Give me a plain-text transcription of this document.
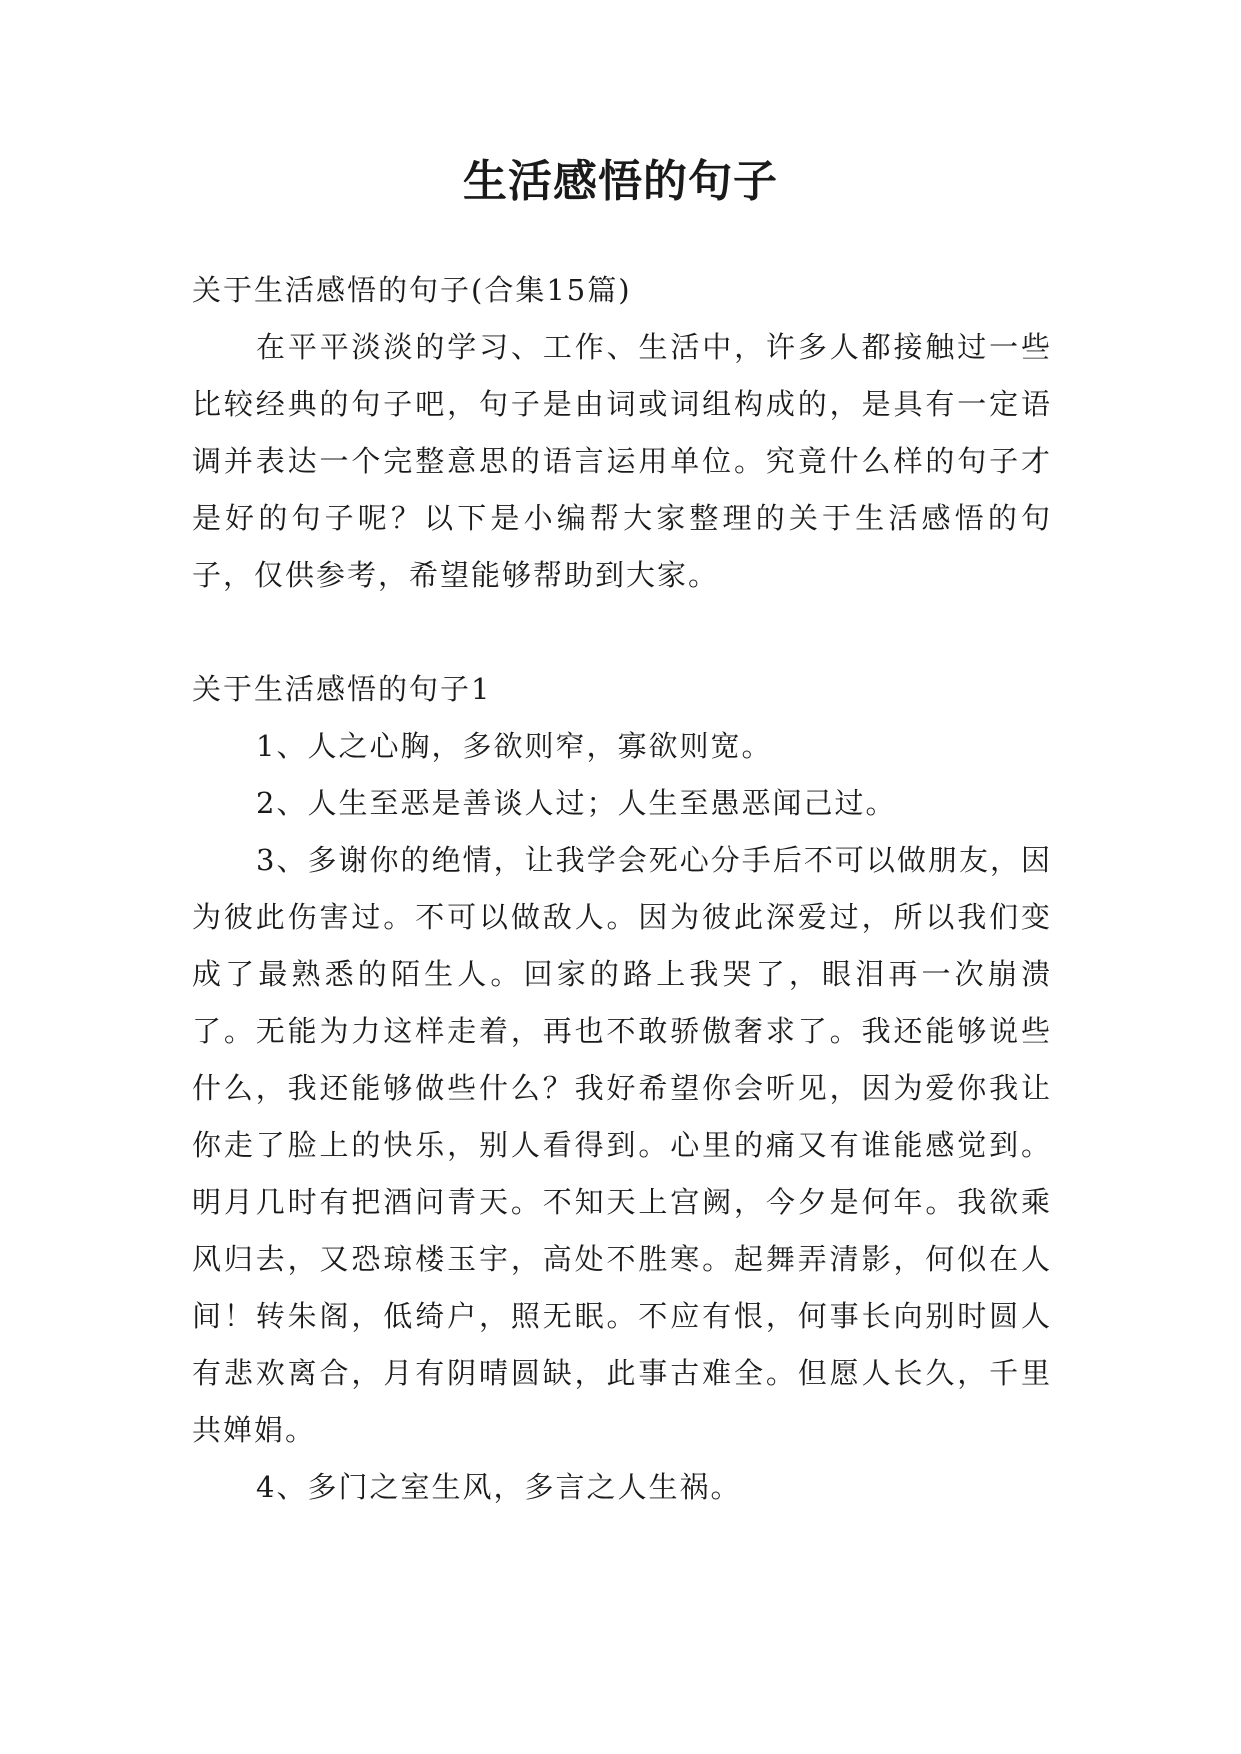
生活感悟的句子

关于生活感悟的句子(合集15篇)

在平平淡淡的学习、工作、生活中，许多人都接触过一些比较经典的句子吧，句子是由词或词组构成的，是具有一定语调并表达一个完整意思的语言运用单位。究竟什么样的句子才是好的句子呢？以下是小编帮大家整理的关于生活感悟的句子，仅供参考，希望能够帮助到大家。

关于生活感悟的句子1

1、人之心胸，多欲则窄，寡欲则宽。

2、人生至恶是善谈人过；人生至愚恶闻己过。

3、多谢你的绝情，让我学会死心分手后不可以做朋友，因为彼此伤害过。不可以做敌人。因为彼此深爱过，所以我们变成了最熟悉的陌生人。回家的路上我哭了，眼泪再一次崩溃了。无能为力这样走着，再也不敢骄傲奢求了。我还能够说些什么，我还能够做些什么？我好希望你会听见，因为爱你我让你走了脸上的快乐，别人看得到。心里的痛又有谁能感觉到。明月几时有把酒问青天。不知天上宫阙，今夕是何年。我欲乘风归去，又恐琼楼玉宇，高处不胜寒。起舞弄清影，何似在人间！转朱阁，低绮户，照无眠。不应有恨，何事长向别时圆人有悲欢离合，月有阴晴圆缺，此事古难全。但愿人长久，千里共婵娟。

4、多门之室生风，多言之人生祸。
